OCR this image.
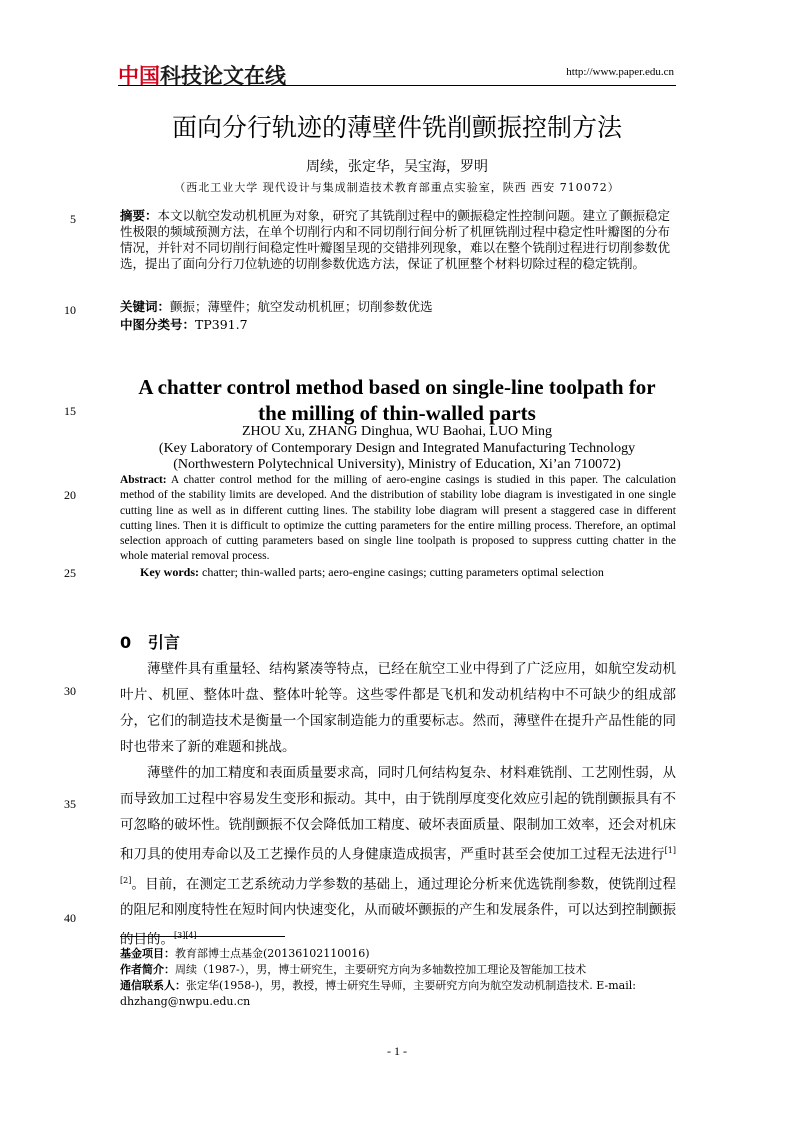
中国科技论文在线	http://www.paper.edu.cn
面向分行轨迹的薄壁件铣削颤振控制方法
周续，张定华，吴宝海，罗明
（西北工业大学 现代设计与集成制造技术教育部重点实验室，陕西 西安 710072）
5
10
15
20
25
30
35
40
摘要：本文以航空发动机机匣为对象，研究了其铣削过程中的颤振稳定性控制问题。建立了颤振稳定性极限的频域预测方法，在单个切削行内和不同切削行间分析了机匣铣削过程中稳定性叶瓣图的分布情况，并针对不同切削行间稳定性叶瓣图呈现的交错排列现象，难以在整个铣削过程进行切削参数优选，提出了面向分行刀位轨迹的切削参数优选方法，保证了机匣整个材料切除过程的稳定铣削。
关键词：颤振；薄壁件；航空发动机机匣；切削参数优选
中图分类号：TP391.7
A chatter control method based on single-line toolpath for
the milling of thin-walled parts
ZHOU Xu, ZHANG Dinghua, WU Baohai, LUO Ming
(Key Laboratory of Contemporary Design and Integrated Manufacturing Technology
(Northwestern Polytechnical University), Ministry of Education, Xi’an 710072)
Abstract: A chatter control method for the milling of aero-engine casings is studied in this paper. The calculation method of the stability limits are developed. And the distribution of stability lobe diagram is investigated in one single cutting line as well as in different cutting lines. The stability lobe diagram will present a staggered case in different cutting lines. Then it is difficult to optimize the cutting parameters for the entire milling process. Therefore, an optimal selection approach of cutting parameters based on single line toolpath is proposed to suppress cutting chatter in the whole material removal process.
Key words: chatter; thin-walled parts; aero-engine casings; cutting parameters optimal selection
0 引言
薄壁件具有重量轻、结构紧凑等特点，已经在航空工业中得到了广泛应用，如航空发动机叶片、机匣、整体叶盘、整体叶轮等。这些零件都是飞机和发动机结构中不可缺少的组成部分，它们的制造技术是衡量一个国家制造能力的重要标志。然而，薄壁件在提升产品性能的同时也带来了新的难题和挑战。
薄壁件的加工精度和表面质量要求高，同时几何结构复杂、材料难铣削、工艺刚性弱，从而导致加工过程中容易发生变形和振动。其中，由于铣削厚度变化效应引起的铣削颤振具有不可忽略的破坏性。铣削颤振不仅会降低加工精度、破坏表面质量、限制加工效率，还会对机床和刀具的使用寿命以及工艺操作员的人身健康造成损害，严重时甚至会使加工过程无法进行[1][2]。目前，在测定工艺系统动力学参数的基础上，通过理论分析来优选铣削参数，使铣削过程的阻尼和刚度特性在短时间内快速变化，从而破坏颤振的产生和发展条件，可以达到控制颤振的目的。[3][4]
基金项目：教育部博士点基金(20136102110016)
作者简介：周续（1987-），男，博士研究生，主要研究方向为多轴数控加工理论及智能加工技术
通信联系人：张定华(1958-)，男，教授，博士研究生导师，主要研究方向为航空发动机制造技术. E-mail: dhzhang@nwpu.edu.cn
- 1 -
